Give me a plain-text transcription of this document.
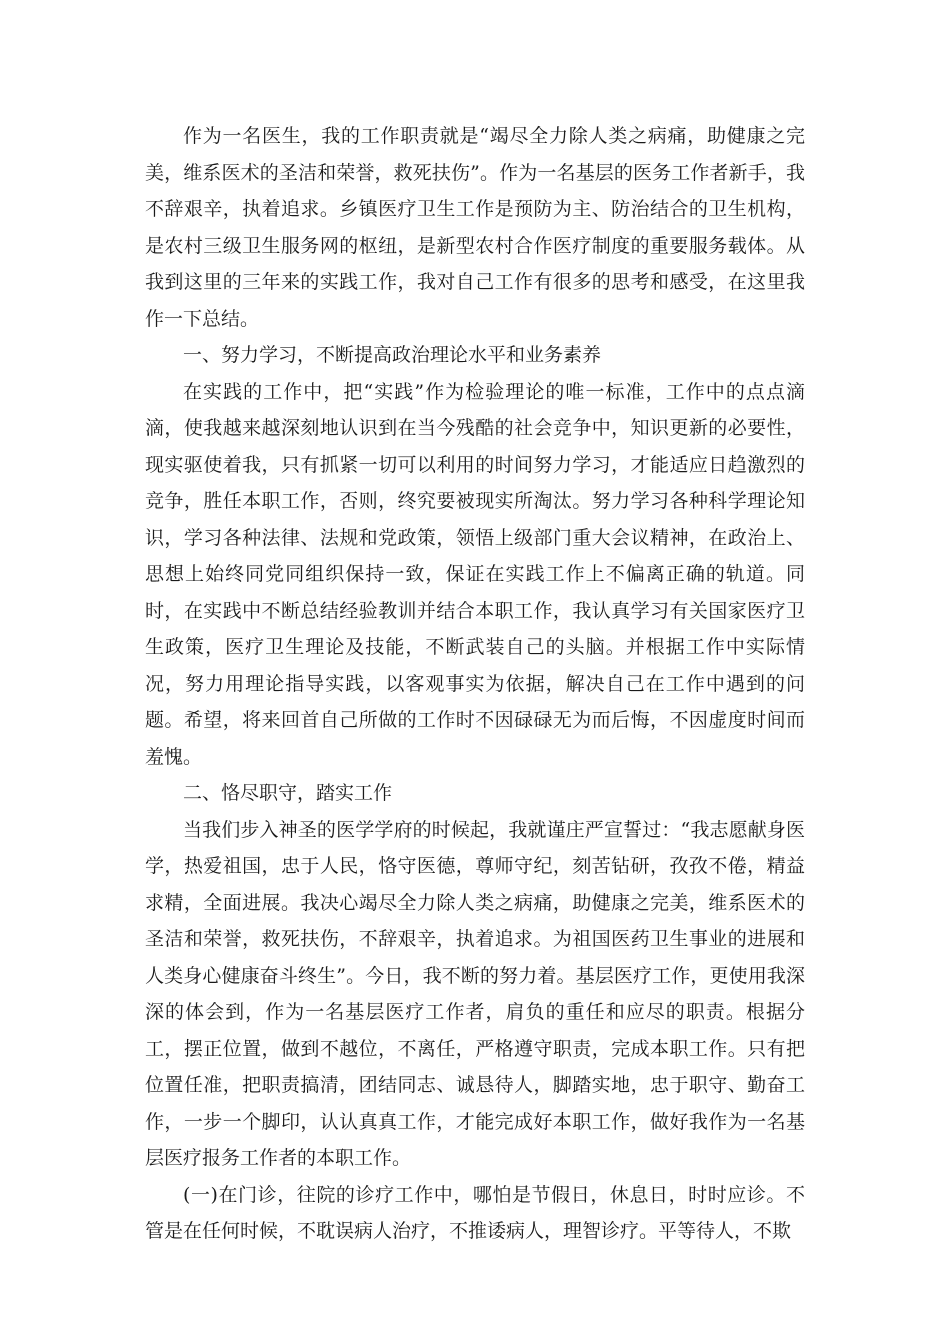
作为一名医生，我的工作职责就是“竭尽全力除人类之病痛，助健康之完美，维系医术的圣洁和荣誉，救死扶伤”。作为一名基层的医务工作者新手，我不辞艰辛，执着追求。乡镇医疗卫生工作是预防为主、防治结合的卫生机构，是农村三级卫生服务网的枢纽，是新型农村合作医疗制度的重要服务载体。从我到这里的三年来的实践工作，我对自己工作有很多的思考和感受，在这里我作一下总结。

一、努力学习，不断提高政治理论水平和业务素养

在实践的工作中，把“实践”作为检验理论的唯一标准，工作中的点点滴滴，使我越来越深刻地认识到在当今残酷的社会竞争中，知识更新的必要性，现实驱使着我，只有抓紧一切可以利用的时间努力学习，才能适应日趋激烈的竞争，胜任本职工作，否则，终究要被现实所淘汰。努力学习各种科学理论知识，学习各种法律、法规和党政策，领悟上级部门重大会议精神，在政治上、思想上始终同党同组织保持一致，保证在实践工作上不偏离正确的轨道。同时，在实践中不断总结经验教训并结合本职工作，我认真学习有关国家医疗卫生政策，医疗卫生理论及技能，不断武装自己的头脑。并根据工作中实际情况，努力用理论指导实践，以客观事实为依据，解决自己在工作中遇到的问题。希望，将来回首自己所做的工作时不因碌碌无为而后悔，不因虚度时间而羞愧。

二、恪尽职守，踏实工作

当我们步入神圣的医学学府的时候起，我就谨庄严宣誓过：“我志愿献身医学，热爱祖国，忠于人民，恪守医德，尊师守纪，刻苦钻研，孜孜不倦，精益求精，全面进展。我决心竭尽全力除人类之病痛，助健康之完美，维系医术的圣洁和荣誉，救死扶伤，不辞艰辛，执着追求。为祖国医药卫生事业的进展和人类身心健康奋斗终生”。今日，我不断的努力着。基层医疗工作，更使用我深深的体会到，作为一名基层医疗工作者，肩负的重任和应尽的职责。根据分工，摆正位置，做到不越位，不离任，严格遵守职责，完成本职工作。只有把位置任准，把职责搞清，团结同志、诚恳待人，脚踏实地，忠于职守、勤奋工作，一步一个脚印，认认真真工作，才能完成好本职工作，做好我作为一名基层医疗报务工作者的本职工作。

(一)在门诊，往院的诊疗工作中，哪怕是节假日，休息日，时时应诊。不管是在任何时候，不耽误病人治疗，不推诿病人，理智诊疗。平等待人，不欺
